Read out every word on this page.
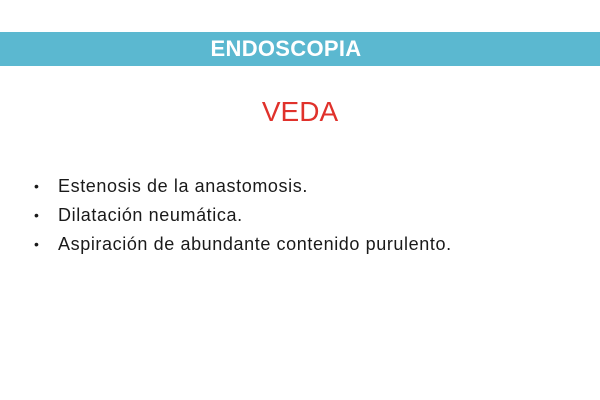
ENDOSCOPIA
VEDA
• Estenosis de la anastomosis.
• Dilatación neumática.
• Aspiración de abundante contenido purulento.
